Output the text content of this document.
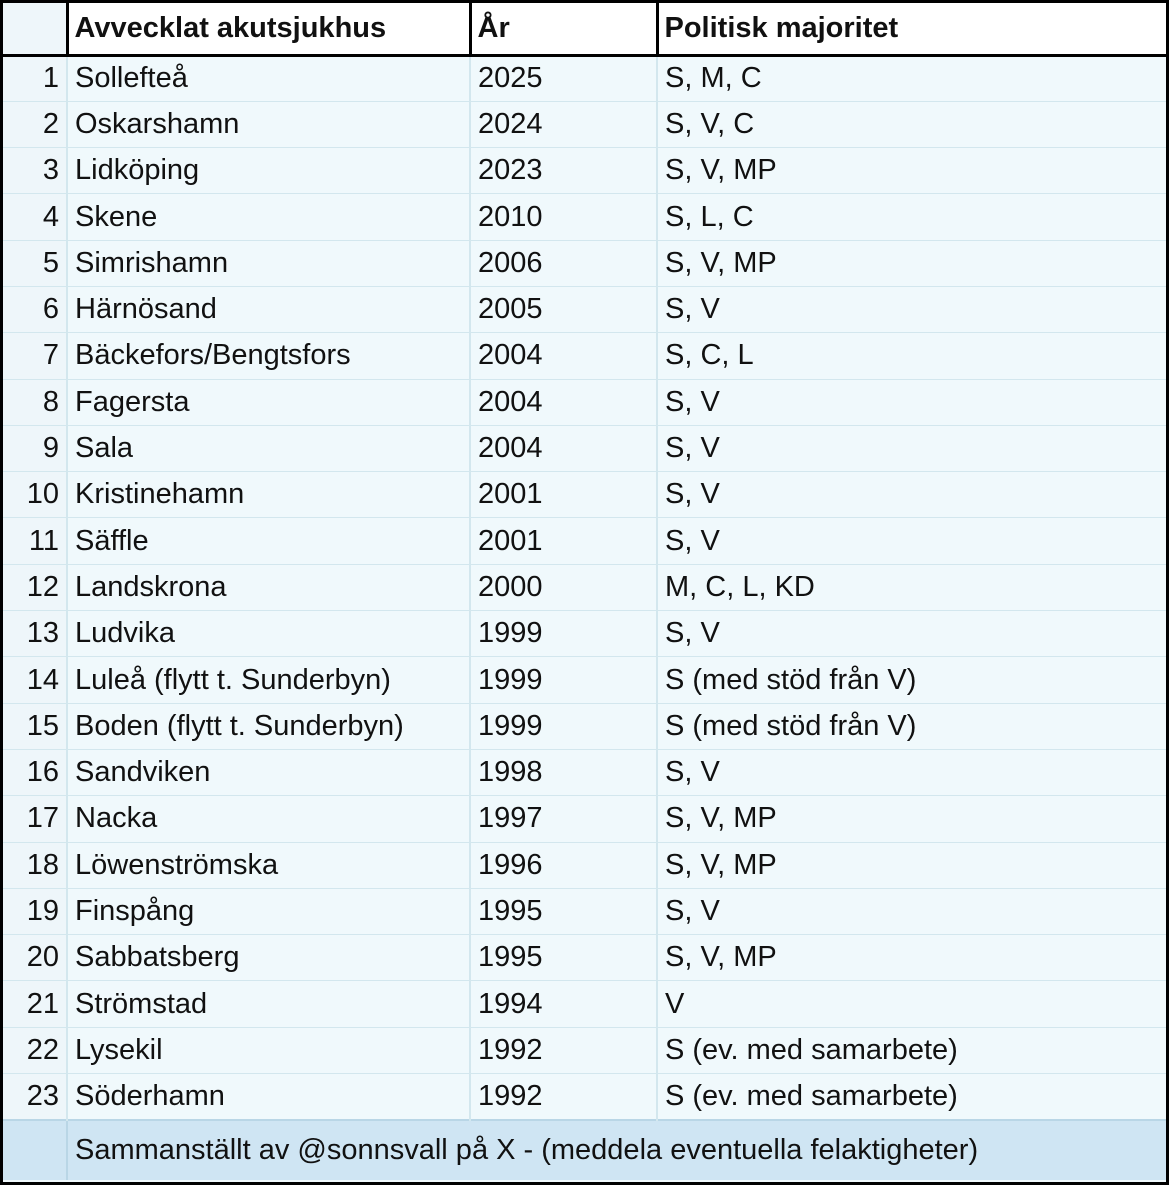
	Avvecklat akutsjukhus	År	Politisk majoritet
1	Sollefteå	2025	S, M, C
2	Oskarshamn	2024	S, V, C
3	Lidköping	2023	S, V, MP
4	Skene	2010	S, L, C
5	Simrishamn	2006	S, V, MP
6	Härnösand	2005	S, V
7	Bäckefors/Bengtsfors	2004	S, C, L
8	Fagersta	2004	S, V
9	Sala	2004	S, V
10	Kristinehamn	2001	S, V
11	Säffle	2001	S, V
12	Landskrona	2000	M, C, L, KD
13	Ludvika	1999	S, V
14	Luleå (flytt t. Sunderbyn)	1999	S (med stöd från V)
15	Boden (flytt t. Sunderbyn)	1999	S (med stöd från V)
16	Sandviken	1998	S, V
17	Nacka	1997	S, V, MP
18	Löwenströmska	1996	S, V, MP
19	Finspång	1995	S, V
20	Sabbatsberg	1995	S, V, MP
21	Strömstad	1994	V
22	Lysekil	1992	S (ev. med samarbete)
23	Söderhamn	1992	S (ev. med samarbete)
	Sammanställt av @sonnsvall på X - (meddela eventuella felaktigheter)		
